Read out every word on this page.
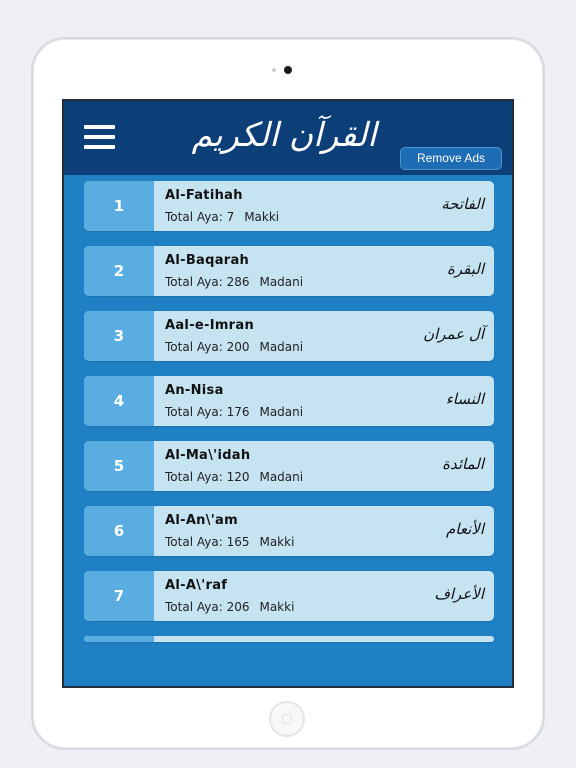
القرآن الكريم
Remove Ads
1
Al-Fatihah
Total Aya: 7 Makki
الفاتحة
2
Al-Baqarah
Total Aya: 286 Madani
البقرة
3
Aal-e-Imran
Total Aya: 200 Madani
آل عمران
4
An-Nisa
Total Aya: 176 Madani
النساء
5
Al-Ma\'idah
Total Aya: 120 Madani
المائدة
6
Al-An\'am
Total Aya: 165 Makki
الأنعام
7
Al-A\'raf
Total Aya: 206 Makki
الأعراف
